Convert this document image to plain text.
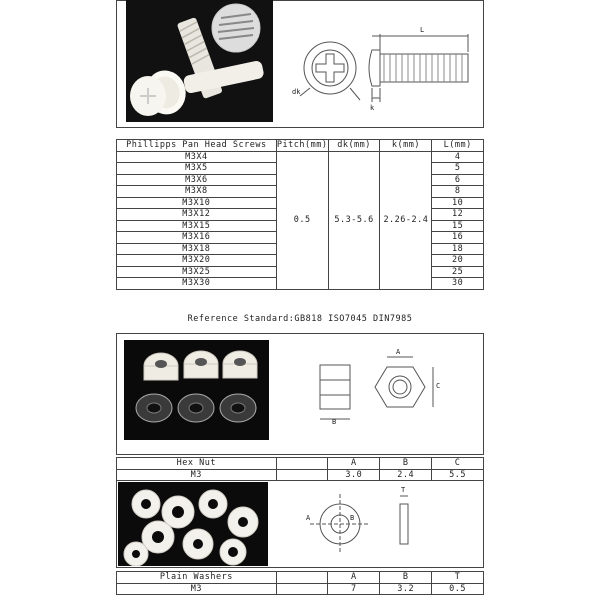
L
dk
k
Phillipps Pan Head Screws	Pitch(mm)	dk(mm)	k(mm)	L(mm)
M3X4	0.5	5.3-5.6	2.26-2.4	4
M3X5				5
M3X6				6
M3X8				8
M3X10				10
M3X12				12
M3X15				15
M3X16				16
M3X18				18
M3X20				20
M3X25				25
M3X30				30
Reference Standard:GB818 ISO7045 DIN7985
A
B
C
Hex Nut		A	B	C
M3		3.0	2.4	5.5
A	B
T
Plain Washers		A	B	T
M3		7	3.2	0.5
